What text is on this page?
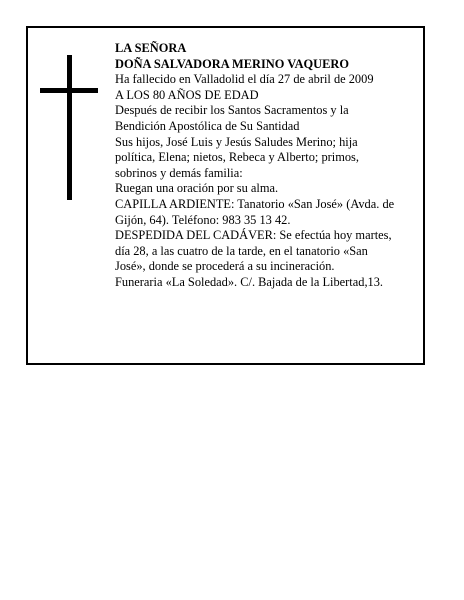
LA SEÑORA
DOÑA SALVADORA MERINO VAQUERO
Ha fallecido en Valladolid el día 27 de abril de 2009
A LOS 80 AÑOS DE EDAD
Después de recibir los Santos Sacramentos y la
Bendición Apostólica de Su Santidad
Sus hijos, José Luis y Jesús Saludes Merino; hija
política, Elena; nietos, Rebeca y Alberto; primos,
sobrinos y demás familia:
Ruegan una oración por su alma.
CAPILLA ARDIENTE: Tanatorio «San José» (Avda. de
Gijón, 64). Teléfono: 983 35 13 42.
DESPEDIDA DEL CADÁVER: Se efectúa hoy martes,
día 28, a las cuatro de la tarde, en el tanatorio «San
José», donde se procederá a su incineración.
Funeraria «La Soledad». C/. Bajada de la Libertad,13.
